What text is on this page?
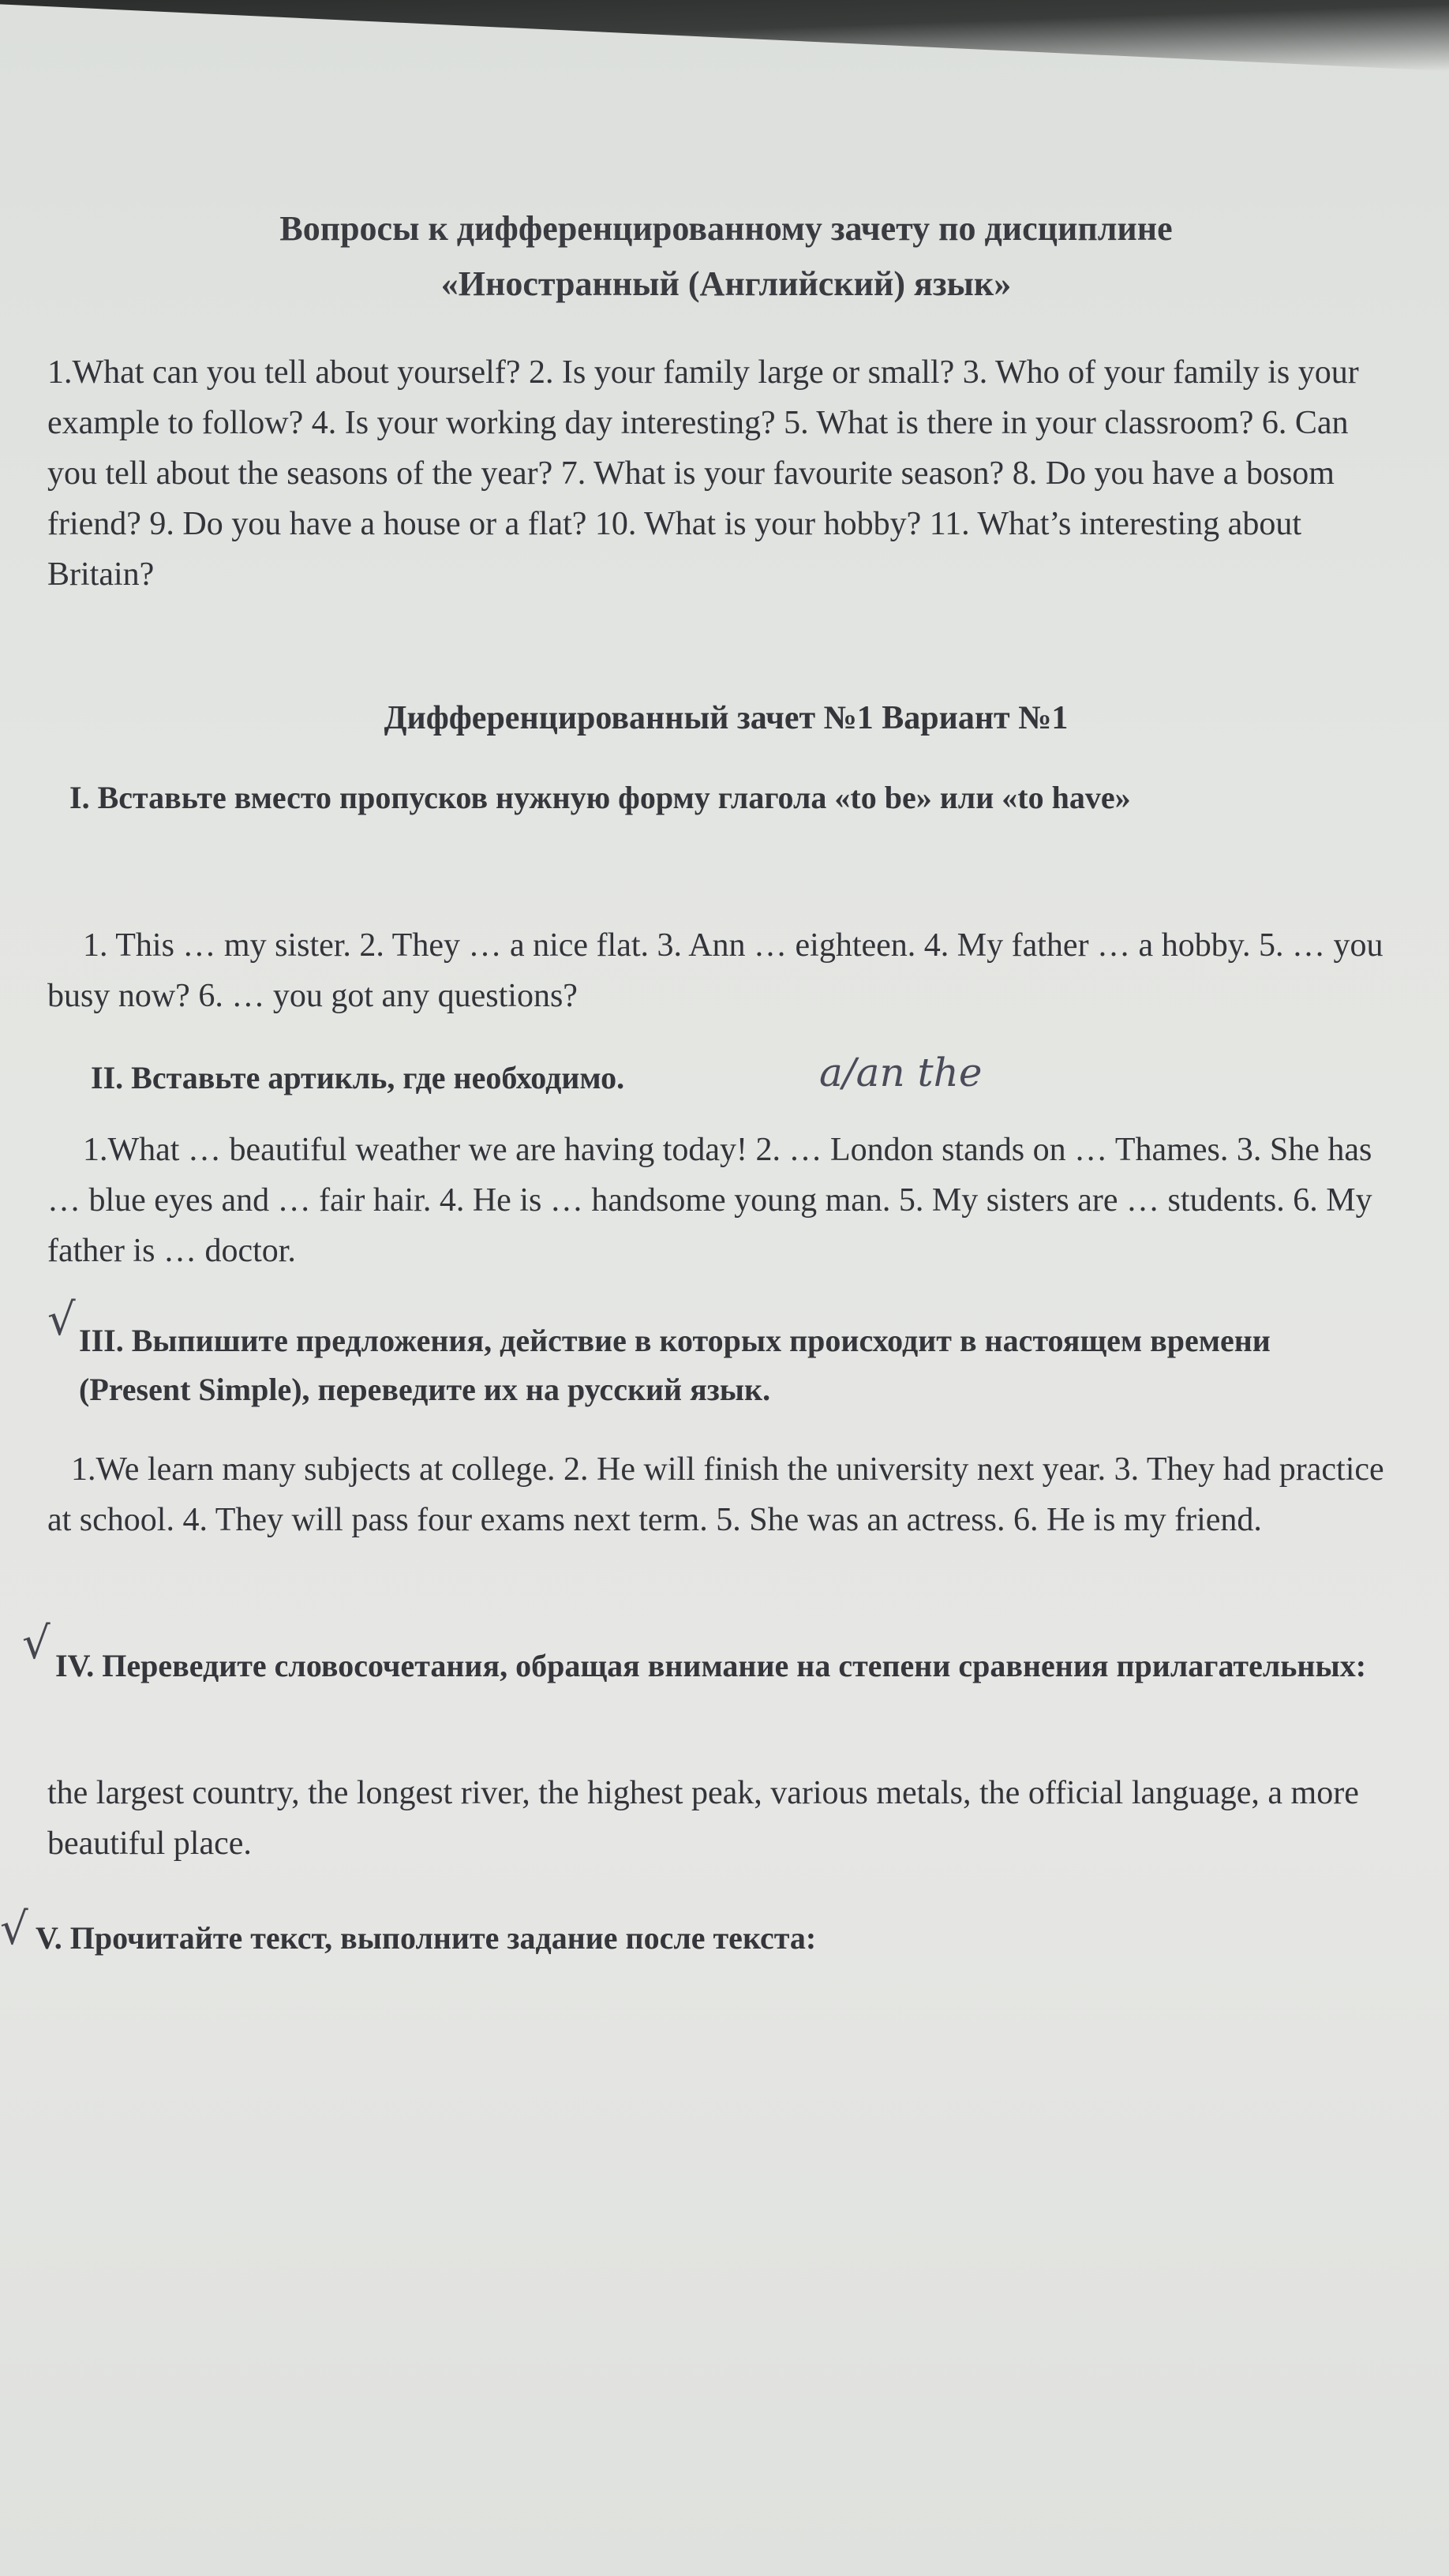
Вопросы к дифференцированному зачету по дисциплине
«Иностранный (Английский) язык»
1.What can you tell about yourself? 2. Is your family large or small? 3. Who of your family is your example to follow? 4. Is your working day interesting? 5. What is there in your classroom? 6. Can you tell about the seasons of the year? 7. What is your favourite season? 8. Do you have a bosom friend? 9. Do you have a house or a flat? 10. What is your hobby? 11. What’s interesting about Britain?
Дифференцированный зачет №1 Вариант №1
I. Вставьте вместо пропусков нужную форму глагола «to be» или «to have»
1. This … my sister. 2. They … a nice flat. 3. Ann … eighteen. 4. My father … a hobby. 5. … you busy now? 6. … you got any questions?
II. Вставьте артикль, где необходимо.	a/an the
1.What … beautiful weather we are having today! 2. … London stands on … Thames. 3. She has … blue eyes and … fair hair. 4. He is … handsome young man. 5. My sisters are … students. 6. My father is … doctor.
√ III. Выпишите предложения, действие в которых происходит в настоящем времени (Present Simple), переведите их на русский язык.
1.We learn many subjects at college. 2. He will finish the university next year. 3. They had practice at school. 4. They will pass four exams next term. 5. She was an actress. 6. He is my friend.
√ IV. Переведите словосочетания, обращая внимание на степени сравнения прилагательных:
the largest country, the longest river, the highest peak, various metals, the official language, a more beautiful place.
√ V. Прочитайте текст, выполните задание после текста:
